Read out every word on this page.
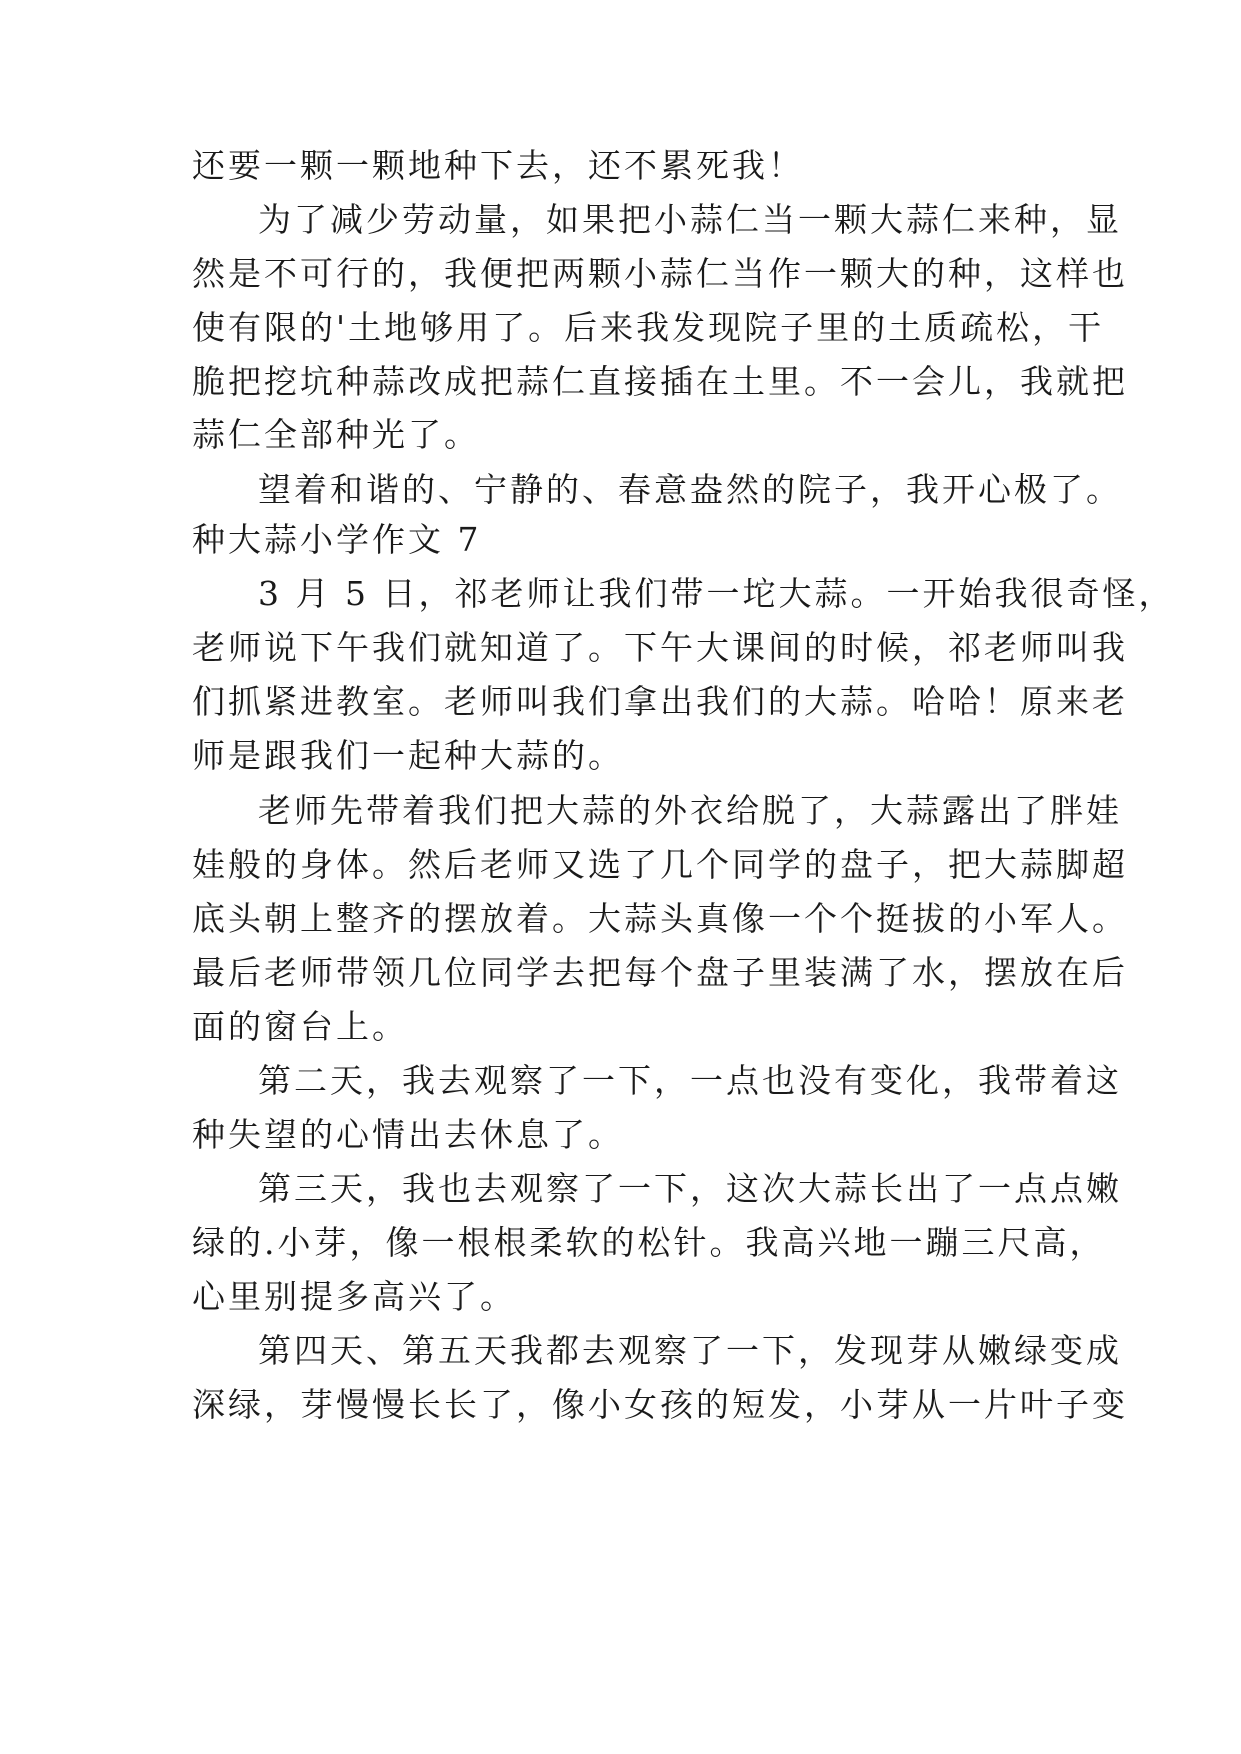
还要一颗一颗地种下去，还不累死我！
为了减少劳动量，如果把小蒜仁当一颗大蒜仁来种，显
然是不可行的，我便把两颗小蒜仁当作一颗大的种，这样也
使有限的'土地够用了。后来我发现院子里的土质疏松，干
脆把挖坑种蒜改成把蒜仁直接插在土里。不一会儿，我就把
蒜仁全部种光了。
望着和谐的、宁静的、春意盎然的院子，我开心极了。
种大蒜小学作文 7
3 月 5 日，祁老师让我们带一坨大蒜。一开始我很奇怪，
老师说下午我们就知道了。下午大课间的时候，祁老师叫我
们抓紧进教室。老师叫我们拿出我们的大蒜。哈哈！原来老
师是跟我们一起种大蒜的。
老师先带着我们把大蒜的外衣给脱了，大蒜露出了胖娃
娃般的身体。然后老师又选了几个同学的盘子，把大蒜脚超
底头朝上整齐的摆放着。大蒜头真像一个个挺拔的小军人。
最后老师带领几位同学去把每个盘子里装满了水，摆放在后
面的窗台上。
第二天，我去观察了一下，一点也没有变化，我带着这
种失望的心情出去休息了。
第三天，我也去观察了一下，这次大蒜长出了一点点嫩
绿的.小芽，像一根根柔软的松针。我高兴地一蹦三尺高，
心里别提多高兴了。
第四天、第五天我都去观察了一下，发现芽从嫩绿变成
深绿，芽慢慢长长了，像小女孩的短发，小芽从一片叶子变
